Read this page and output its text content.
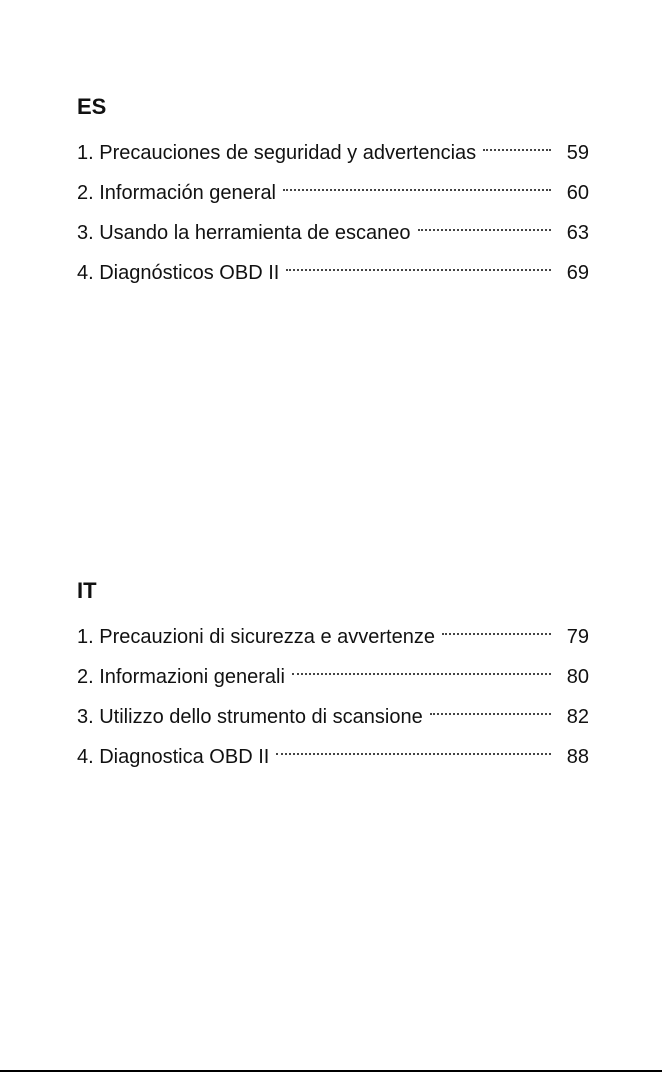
ES
1. Precauciones de seguridad y advertencias	59
2. Información general	60
3. Usando la herramienta de escaneo	63
4. Diagnósticos OBD II	69
IT
1. Precauzioni di sicurezza e avvertenze	79
2. Informazioni generali	80
3. Utilizzo dello strumento di scansione	82
4. Diagnostica OBD II	88
